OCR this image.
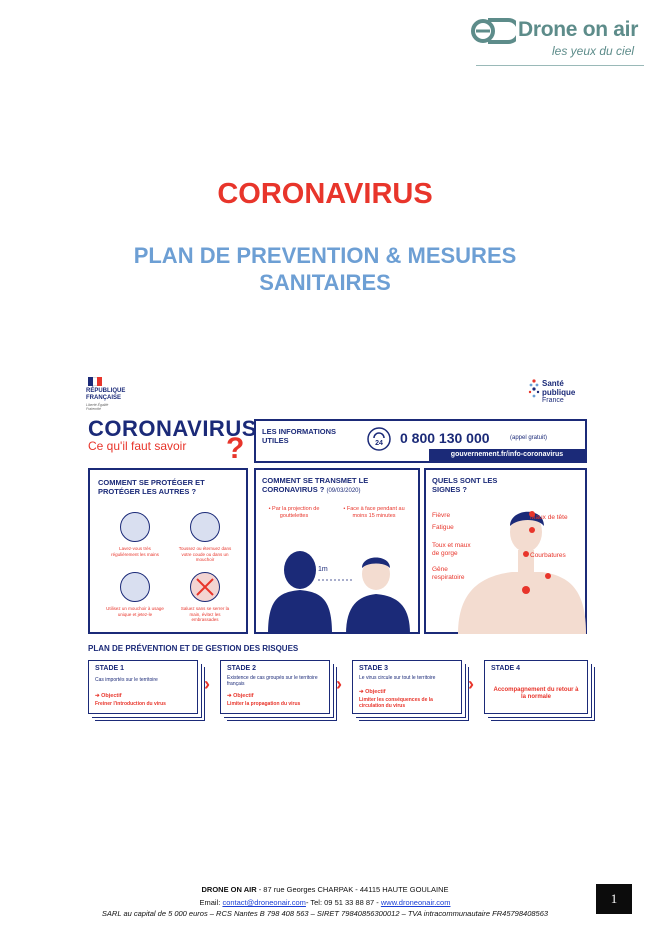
Drone on air
les yeux du ciel
CORONAVIRUS
PLAN DE PREVENTION & MESURES
SANITAIRES
RÉPUBLIQUE FRANÇAISE
Liberté Égalité Fraternité
Santé
publique
France
CORONAVIRUS
Ce qu'il faut savoir ?
LES INFORMATIONS UTILES	24 0 800 130 000	(appel gratuit)
gouvernement.fr/info-coronavirus
COMMENT SE PROTÉGER ET PROTÉGER LES AUTRES ?
Lavez-vous très régulièrement les mains
Toussez ou éternuez dans votre coude ou dans un mouchoir
Utilisez un mouchoir à usage unique et jetez-le
Saluez sans se serrer la main, évitez les embrassades
COMMENT SE TRANSMET LE CORONAVIRUS ? (09/03/2020)
• Par la projection de gouttelettes
• Face à face pendant au moins 15 minutes
1m
QUELS SONT LES SIGNES ?
Fièvre	Maux de tête
Fatigue
Toux et maux de gorge	Courbatures
Gêne respiratoire
PLAN DE PRÉVENTION ET DE GESTION DES RISQUES
STADE 1
Cas importés sur le territoire
➔ Objectif
Freiner l'introduction du virus
›
STADE 2
Existence de cas groupés sur le territoire français
➔ Objectif
Limiter la propagation du virus
›
STADE 3
Le virus circule sur tout le territoire
➔ Objectif
Limiter les conséquences de la circulation du virus
›
STADE 4
Accompagnement du retour à la normale
DRONE ON AIR - 87 rue Georges CHARPAK - 44115 HAUTE GOULAINE
Email: contact@droneonair.com- Tel: 09 51 33 88 87 - www.droneonair.com
SARL au capital de 5 000 euros – RCS Nantes B 798 408 563 – SIRET 79840856300012 – TVA intracommunautaire FR45798408563
1
